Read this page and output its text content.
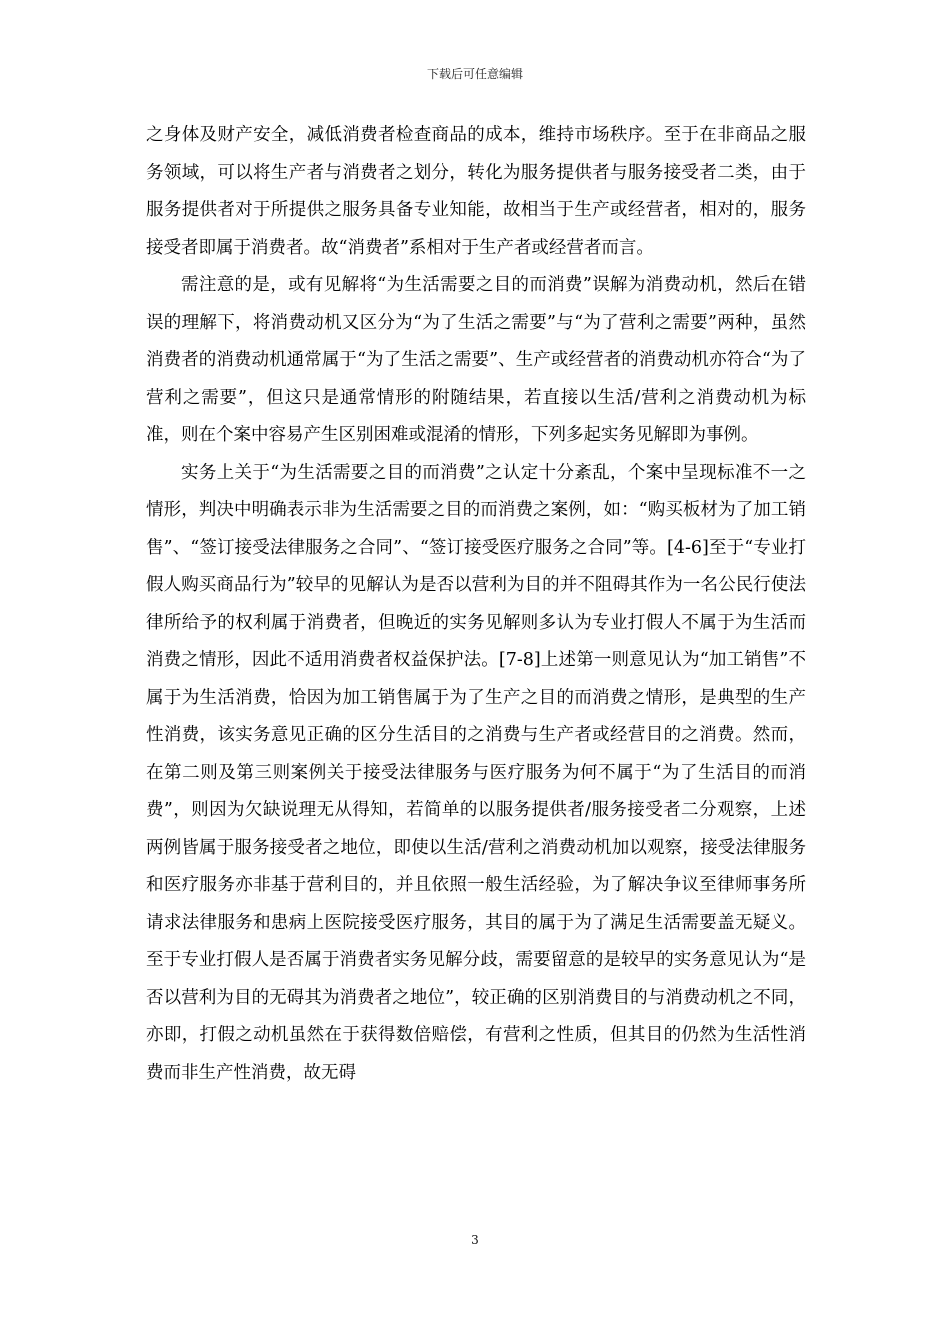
下载后可任意编辑

之身体及财产安全，减低消费者检查商品的成本，维持市场秩序。至于在非商品之服务领域，可以将生产者与消费者之划分，转化为服务提供者与服务接受者二类，由于服务提供者对于所提供之服务具备专业知能，故相当于生产或经营者，相对的，服务接受者即属于消费者。故“消费者”系相对于生产者或经营者而言。

需注意的是，或有见解将“为生活需要之目的而消费”误解为消费动机，然后在错误的理解下，将消费动机又区分为“为了生活之需要”与“为了营利之需要”两种，虽然消费者的消费动机通常属于“为了生活之需要”、生产或经营者的消费动机亦符合“为了营利之需要”，但这只是通常情形的附随结果，若直接以生活/营利之消费动机为标准，则在个案中容易产生区别困难或混淆的情形，下列多起实务见解即为事例。

实务上关于“为生活需要之目的而消费”之认定十分紊乱，个案中呈现标准不一之情形，判决中明确表示非为生活需要之目的而消费之案例，如：“购买板材为了加工销售”、“签订接受法律服务之合同”、“签订接受医疗服务之合同”等。[4-6]至于“专业打假人购买商品行为”较早的见解认为是否以营利为目的并不阻碍其作为一名公民行使法律所给予的权利属于消费者，但晚近的实务见解则多认为专业打假人不属于为生活而消费之情形，因此不适用消费者权益保护法。[7-8]上述第一则意见认为“加工销售”不属于为生活消费，恰因为加工销售属于为了生产之目的而消费之情形，是典型的生产性消费，该实务意见正确的区分生活目的之消费与生产者或经营目的之消费。然而，在第二则及第三则案例关于接受法律服务与医疗服务为何不属于“为了生活目的而消费”，则因为欠缺说理无从得知，若简单的以服务提供者/服务接受者二分观察，上述两例皆属于服务接受者之地位，即使以生活/营利之消费动机加以观察，接受法律服务和医疗服务亦非基于营利目的，并且依照一般生活经验，为了解决争议至律师事务所请求法律服务和患病上医院接受医疗服务，其目的属于为了满足生活需要盖无疑义。至于专业打假人是否属于消费者实务见解分歧，需要留意的是较早的实务意见认为“是否以营利为目的无碍其为消费者之地位”，较正确的区别消费目的与消费动机之不同，亦即，打假之动机虽然在于获得数倍赔偿，有营利之性质，但其目的仍然为生活性消费而非生产性消费，故无碍

3
